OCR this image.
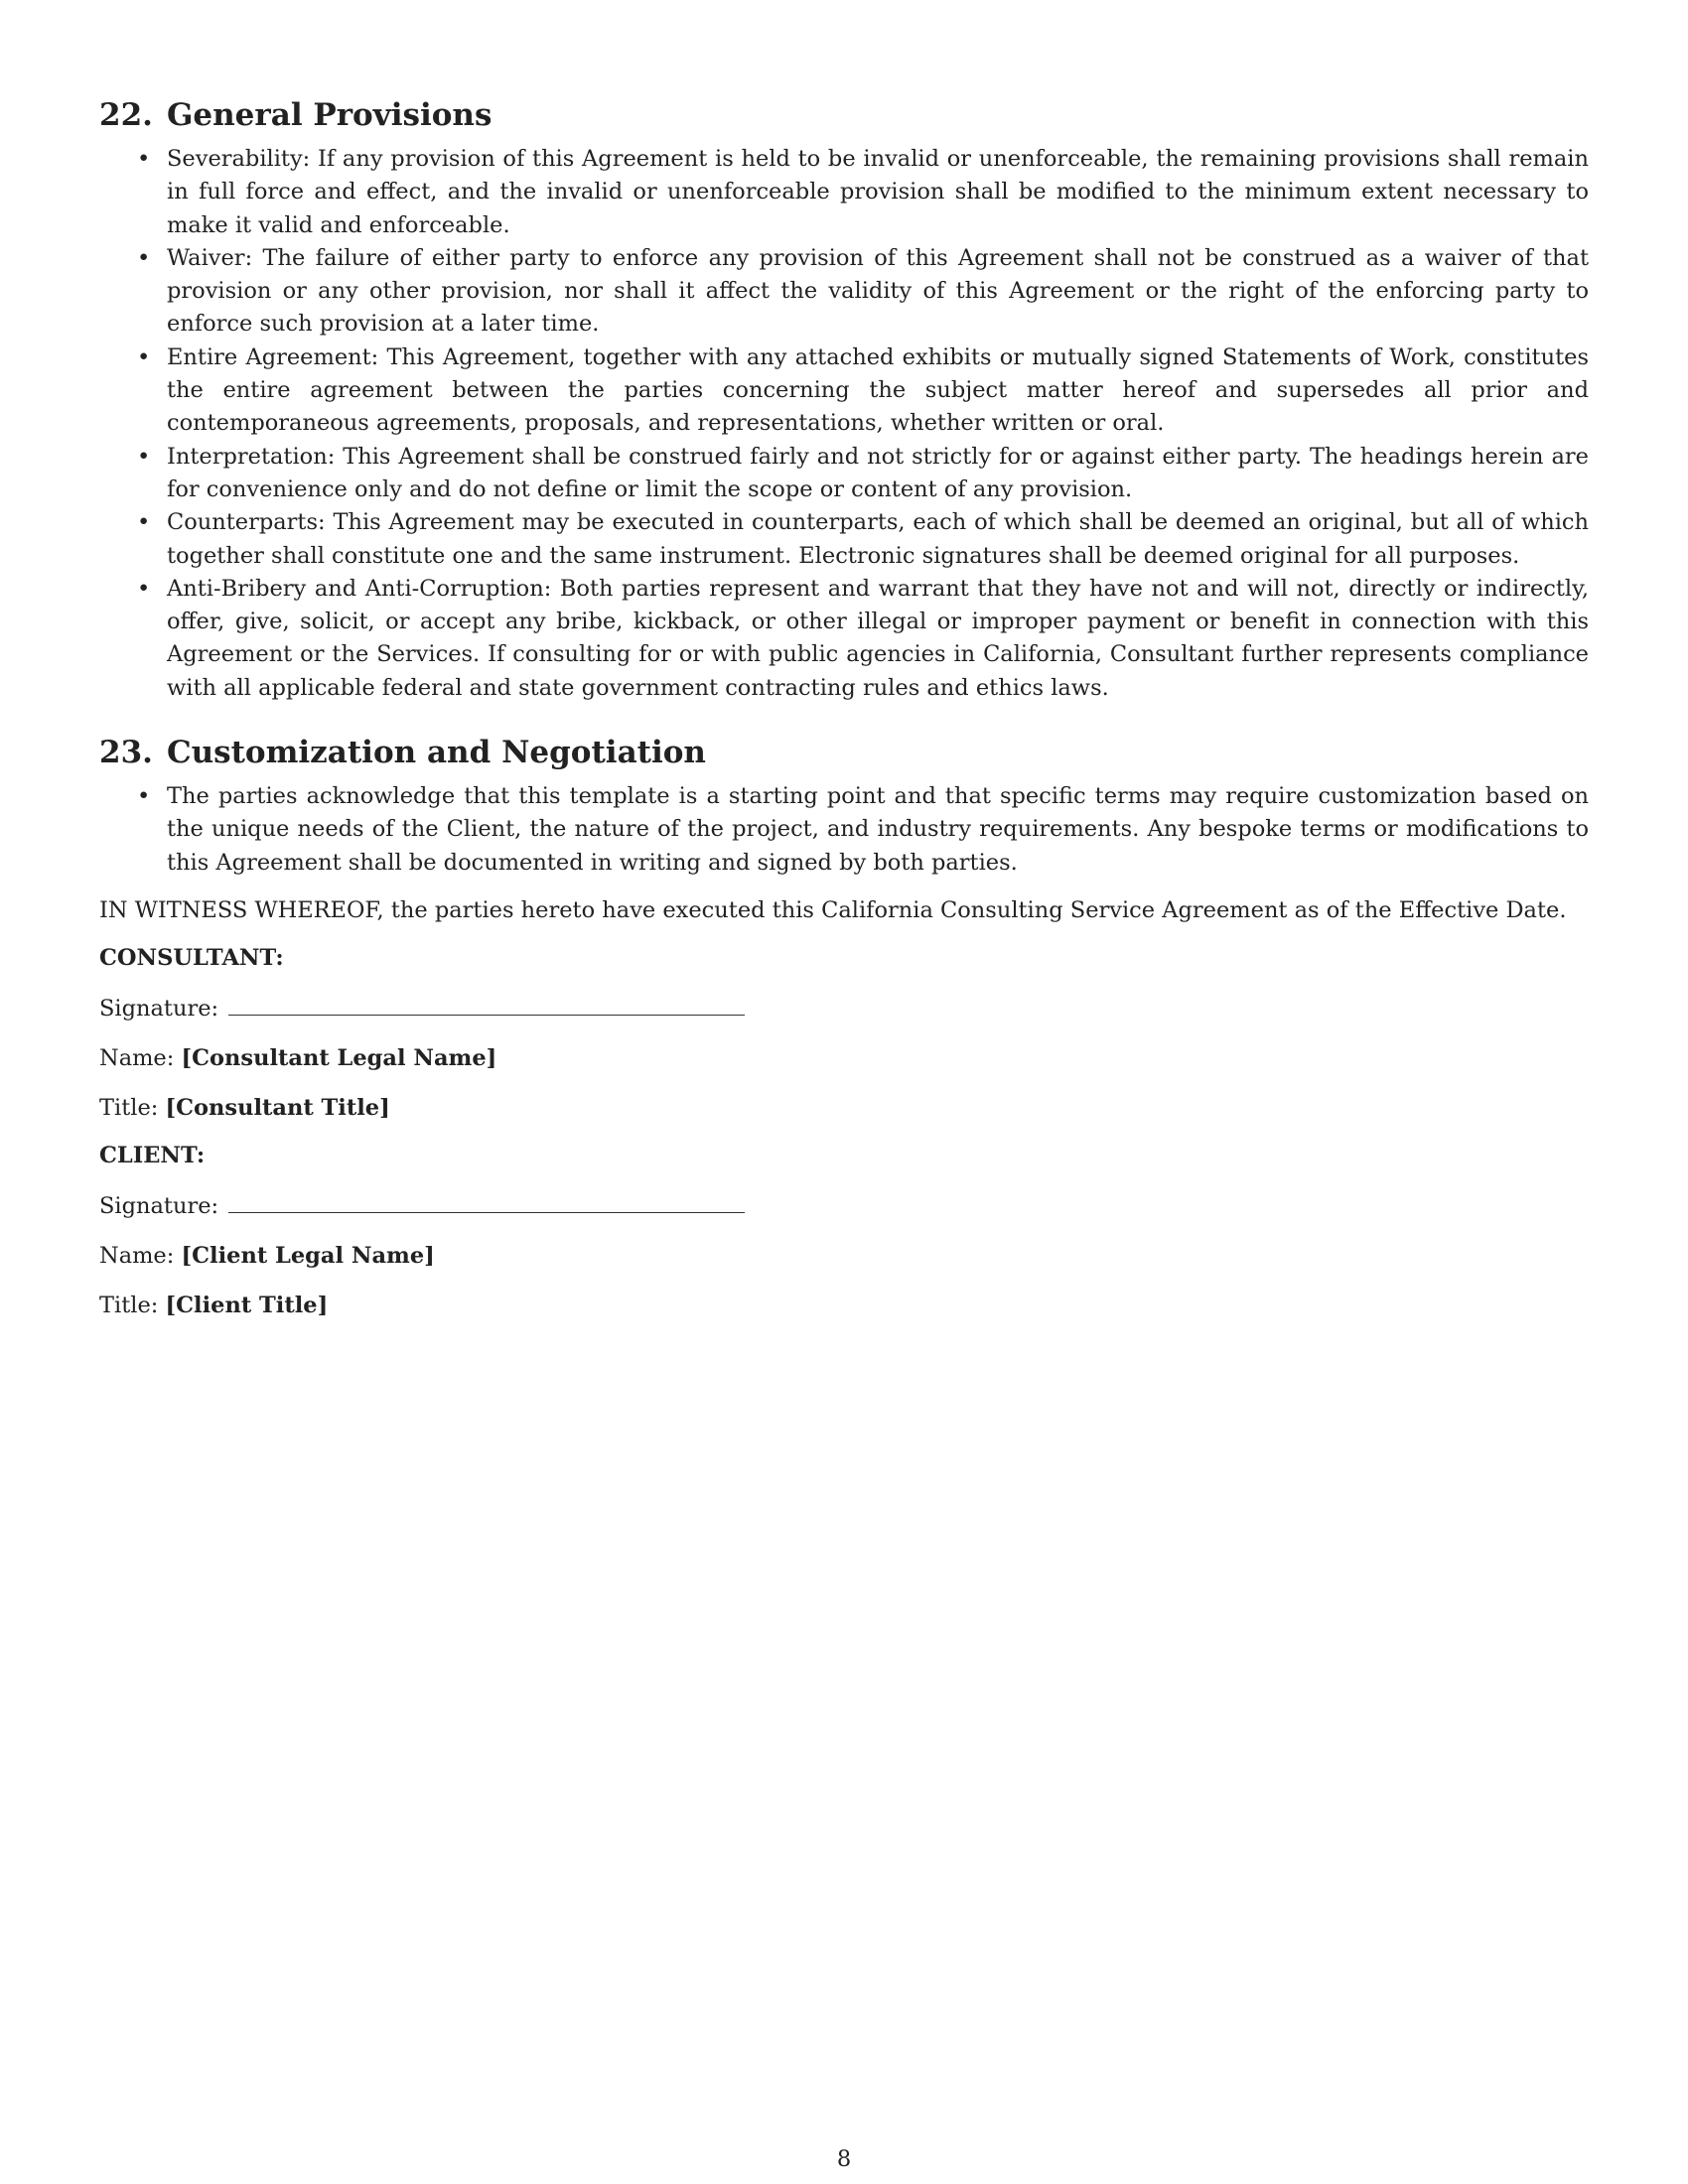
22. General Provisions
• Severability: If any provision of this Agreement is held to be invalid or unenforceable, the remaining provisions shall remain in full force and effect, and the invalid or unenforceable provision shall be modified to the minimum extent necessary to make it valid and enforceable.
• Waiver: The failure of either party to enforce any provision of this Agreement shall not be construed as a waiver of that provision or any other provision, nor shall it affect the validity of this Agreement or the right of the enforcing party to enforce such provision at a later time.
• Entire Agreement: This Agreement, together with any attached exhibits or mutually signed Statements of Work, constitutes the entire agreement between the parties concerning the subject matter hereof and supersedes all prior and contemporaneous agreements, proposals, and representations, whether written or oral.
• Interpretation: This Agreement shall be construed fairly and not strictly for or against either party. The headings herein are for convenience only and do not define or limit the scope or content of any provision.
• Counterparts: This Agreement may be executed in counterparts, each of which shall be deemed an original, but all of which together shall constitute one and the same instrument. Electronic signatures shall be deemed original for all purposes.
• Anti-Bribery and Anti-Corruption: Both parties represent and warrant that they have not and will not, directly or indirectly, offer, give, solicit, or accept any bribe, kickback, or other illegal or improper payment or benefit in connection with this Agreement or the Services. If consulting for or with public agencies in California, Consultant further represents compliance with all applicable federal and state government contracting rules and ethics laws.
23. Customization and Negotiation
• The parties acknowledge that this template is a starting point and that specific terms may require customization based on the unique needs of the Client, the nature of the project, and industry requirements. Any bespoke terms or modifications to this Agreement shall be documented in writing and signed by both parties.

IN WITNESS WHEREOF, the parties hereto have executed this California Consulting Service Agreement as of the Effective Date.

CONSULTANT:

Signature:

Name: [Consultant Legal Name]

Title: [Consultant Title]

CLIENT:

Signature:

Name: [Client Legal Name]

Title: [Client Title]

8
